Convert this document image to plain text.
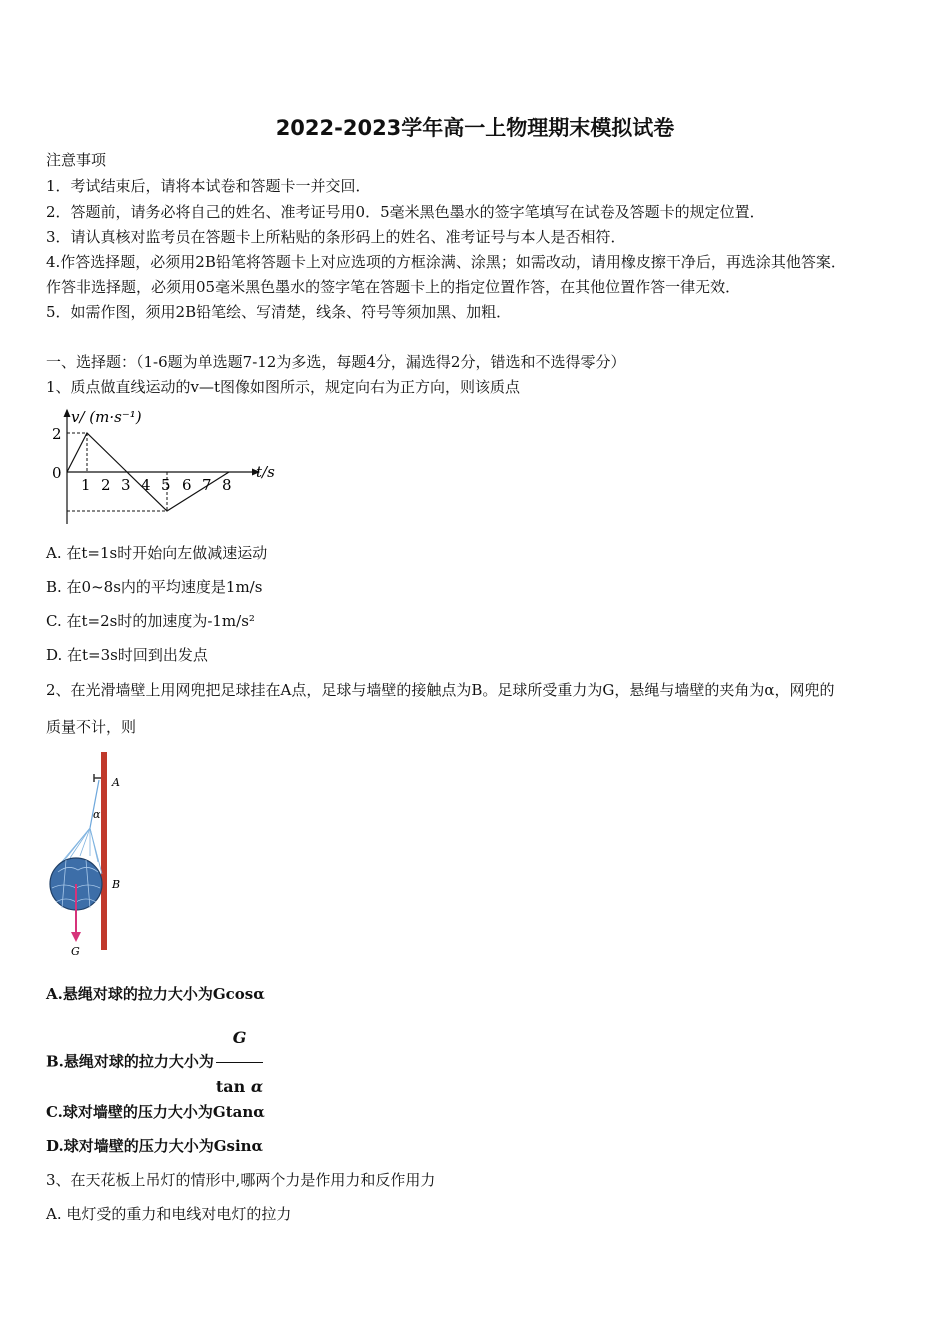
2022-2023学年高一上物理期末模拟试卷
注意事项
1．考试结束后，请将本试卷和答题卡一并交回．
2．答题前，请务必将自己的姓名、准考证号用0．5毫米黑色墨水的签字笔填写在试卷及答题卡的规定位置．
3．请认真核对监考员在答题卡上所粘贴的条形码上的姓名、准考证号与本人是否相符．
4.作答选择题，必须用2B铅笔将答题卡上对应选项的方框涂满、涂黑；如需改动，请用橡皮擦干净后，再选涂其他答案．
作答非选择题，必须用05毫米黑色墨水的签字笔在答题卡上的指定位置作答，在其他位置作答一律无效．
5．如需作图，须用2B铅笔绘、写清楚，线条、符号等须加黑、加粗．
一、选择题：（1-6题为单选题7-12为多选，每题4分，漏选得2分，错选和不选得零分）
1、质点做直线运动的v—t图像如图所示，规定向右为正方向，则该质点
v/ (m·s⁻¹)
t/s
2
0
1 2 3 4 5 6 7 8
A. 在t=1s时开始向左做减速运动
B. 在0~8s内的平均速度是1m/s
C. 在t=2s时的加速度为-1m/s²
D. 在t=3s时回到出发点
2、在光滑墙壁上用网兜把足球挂在A点，足球与墙壁的接触点为B。足球所受重力为G，悬绳与墙壁的夹角为α，网兜的
质量不计，则
A
α
B
G
A.悬绳对球的拉力大小为Gcosα
B.悬绳对球的拉力大小为 $\frac{G}{\text{tan α}}$
C.球对墙壁的压力大小为Gtanα
D.球对墙壁的压力大小为Gsinα
3、在天花板上吊灯的情形中,哪两个力是作用力和反作用力
A. 电灯受的重力和电线对电灯的拉力
